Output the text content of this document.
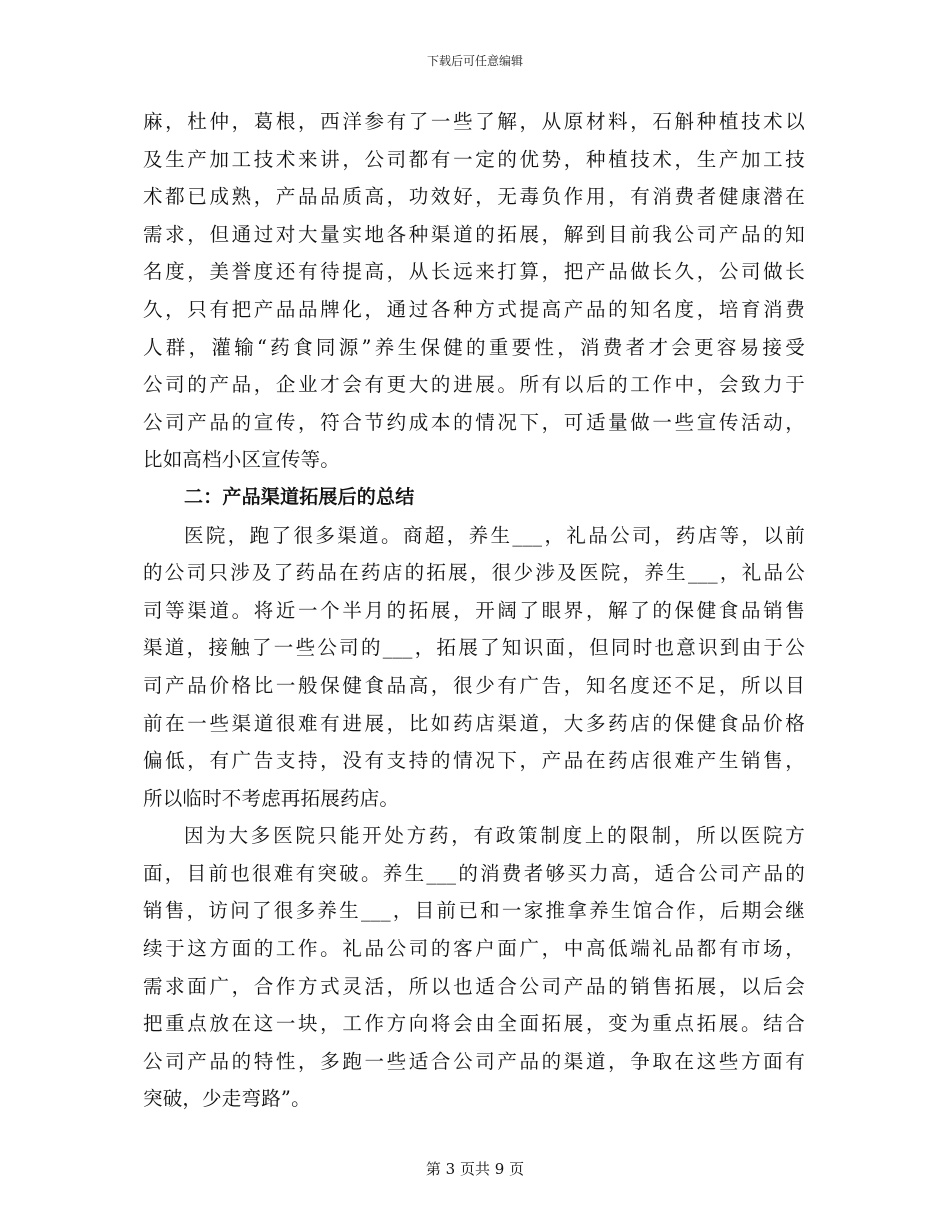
下载后可任意编辑
麻，杜仲，葛根，西洋参有了一些了解，从原材料，石斛种植技术以
及生产加工技术来讲，公司都有一定的优势，种植技术，生产加工技
术都已成熟，产品品质高，功效好，无毒负作用，有消费者健康潜在
需求，但通过对大量实地各种渠道的拓展，解到目前我公司产品的知
名度，美誉度还有待提高，从长远来打算，把产品做长久，公司做长
久，只有把产品品牌化，通过各种方式提高产品的知名度，培育消费
人群，灌输“药食同源”养生保健的重要性，消费者才会更容易接受
公司的产品，企业才会有更大的进展。所有以后的工作中，会致力于
公司产品的宣传，符合节约成本的情况下，可适量做一些宣传活动，
比如高档小区宣传等。
二：产品渠道拓展后的总结
医院，跑了很多渠道。商超，养生___，礼品公司，药店等，以前
的公司只涉及了药品在药店的拓展，很少涉及医院，养生___，礼品公
司等渠道。将近一个半月的拓展，开阔了眼界，解了的保健食品销售
渠道，接触了一些公司的___，拓展了知识面，但同时也意识到由于公
司产品价格比一般保健食品高，很少有广告，知名度还不足，所以目
前在一些渠道很难有进展，比如药店渠道，大多药店的保健食品价格
偏低，有广告支持，没有支持的情况下，产品在药店很难产生销售，
所以临时不考虑再拓展药店。
因为大多医院只能开处方药，有政策制度上的限制，所以医院方
面，目前也很难有突破。养生___的消费者够买力高，适合公司产品的
销售，访问了很多养生___，目前已和一家推拿养生馆合作，后期会继
续于这方面的工作。礼品公司的客户面广，中高低端礼品都有市场，
需求面广，合作方式灵活，所以也适合公司产品的销售拓展，以后会
把重点放在这一块，工作方向将会由全面拓展，变为重点拓展。结合
公司产品的特性，多跑一些适合公司产品的渠道，争取在这些方面有
突破，少走弯路”。
第 3 页共 9 页
